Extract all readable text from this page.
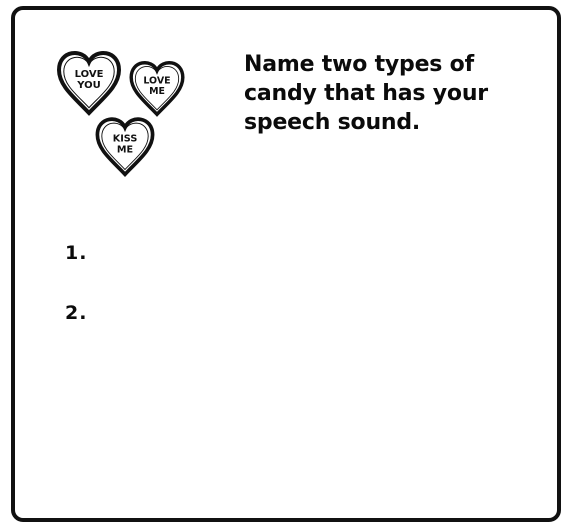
LOVE
YOU	LOVE
ME
KISS
ME

Name two types of candy that has your speech sound.

1.
2.
